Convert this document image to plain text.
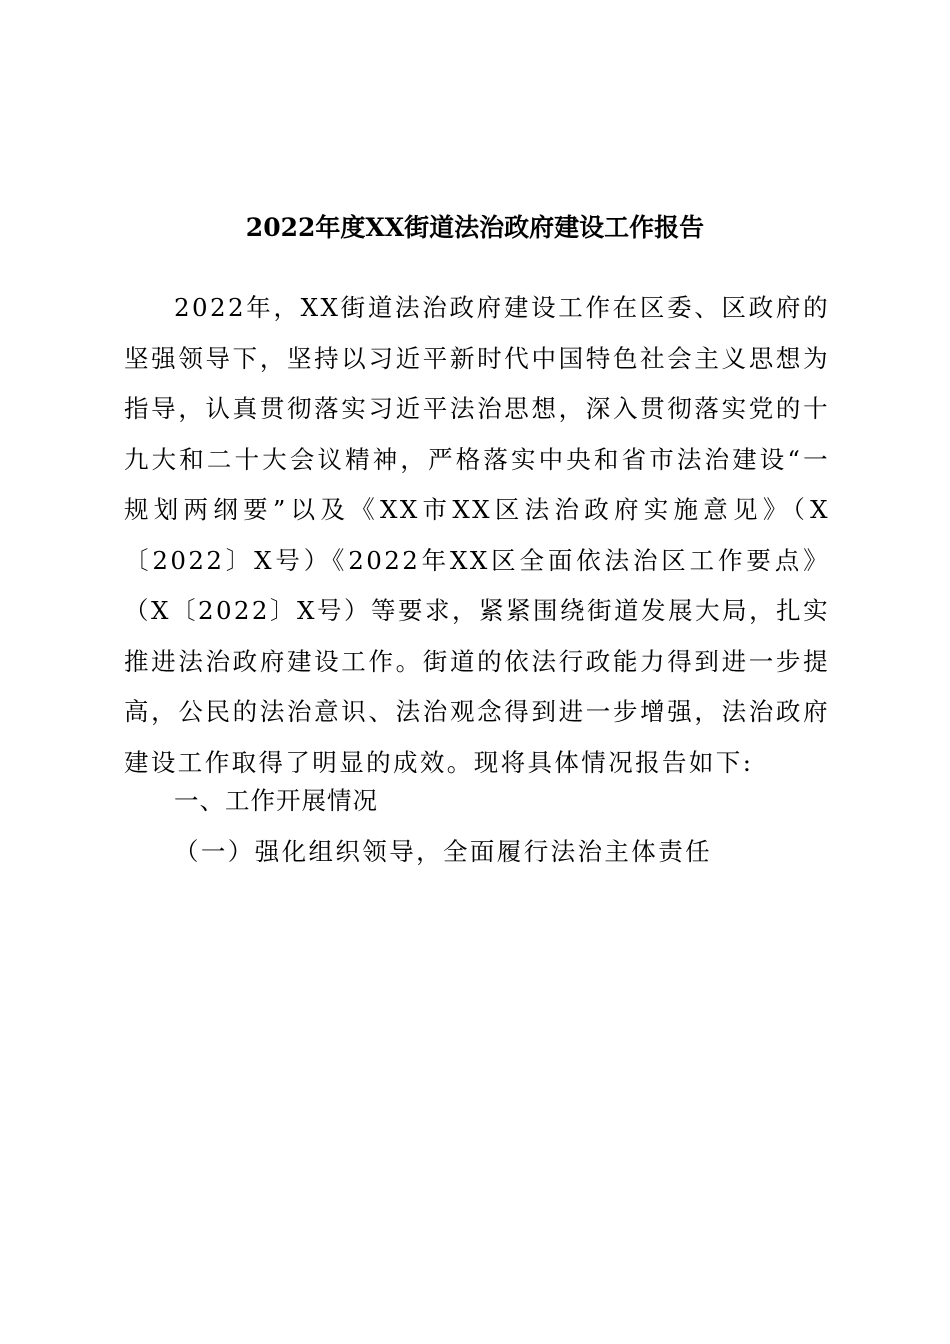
2022年度XX街道法治政府建设工作报告

2022年，XX街道法治政府建设工作在区委、区政府的坚强领导下，坚持以习近平新时代中国特色社会主义思想为指导，认真贯彻落实习近平法治思想，深入贯彻落实党的十九大和二十大会议精神，严格落实中央和省市法治建设“一规划两纲要”以及《XX市XX区法治政府实施意见》（X〔2022〕X号）《2022年XX区全面依法治区工作要点》（X〔2022〕X号）等要求，紧紧围绕街道发展大局，扎实推进法治政府建设工作。街道的依法行政能力得到进一步提高，公民的法治意识、法治观念得到进一步增强，法治政府建设工作取得了明显的成效。现将具体情况报告如下:

一、工作开展情况
（一）强化组织领导，全面履行法治主体责任
